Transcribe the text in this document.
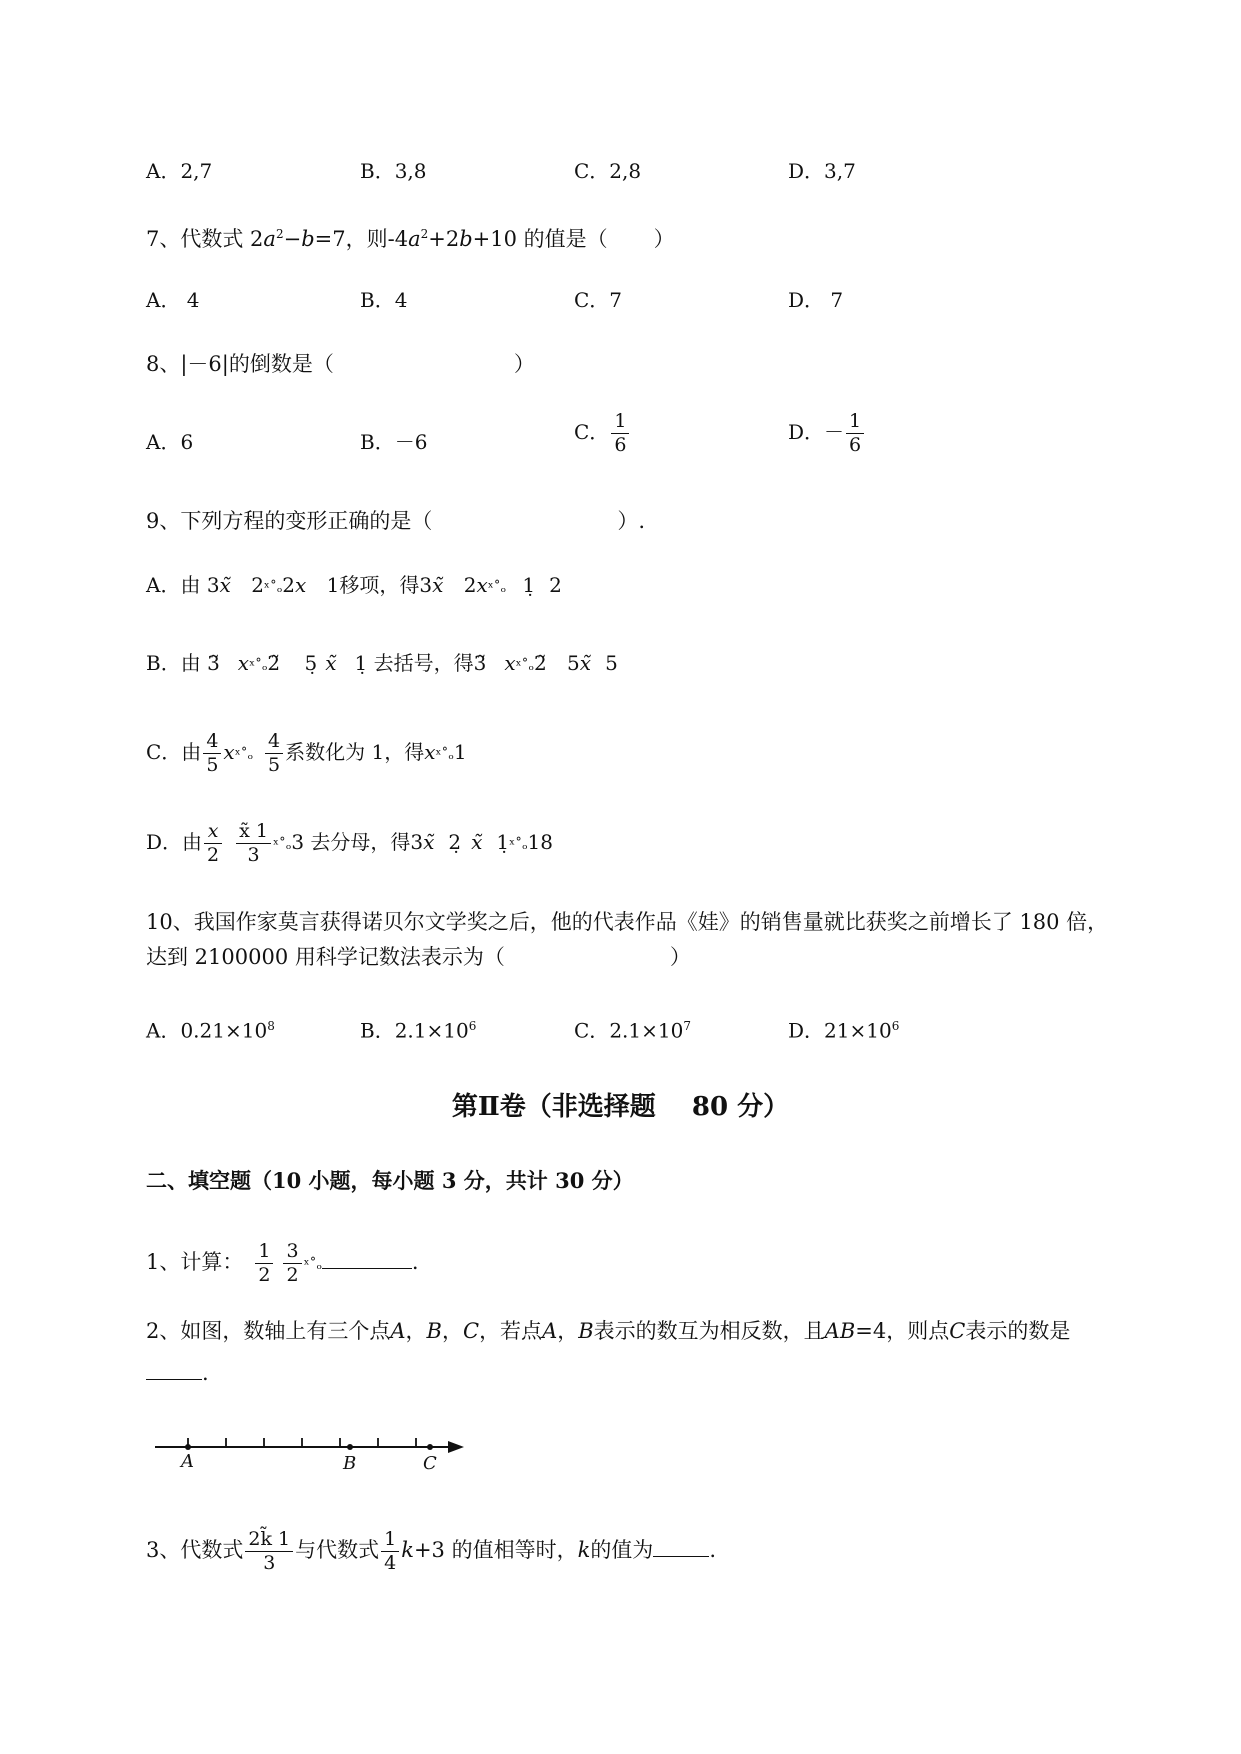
A．2,7	B．3,8	C．2,8	D．3,7
7、代数式 $2a^2-b=7$，则$-4a^2+2b+10$ 的值是（ ）
A． 4	B．4	C．7	D． 7
8、|－6|的倒数是（	）
A．6	B．－6	C． $\frac{1}{6}$	D．－ $\frac{1}{6}$
9、下列方程的变形正确的是（	）.
A．由 3x̃ 2ˣ˚ₒ2x 1移项，得3x̃ 2xˣ˚ₒ 1̣ 2
B．由 3̃ xˣ˚ₒ2̃ 5̣ x̃ 1̣ 去括号，得3̃ xˣ˚ₒ2̃ 5x̃ 5
C．由 $\frac{4}{5}$ xˣ˚ₒ $\frac{4}{5}$ 系数化为 1，得xˣ˚ₒ1
D．由 $\frac{x}{2} \frac{x̃ 1}{3}$ ˣ˚ₒ3 去分母，得3x̃ 2̣ x̃ 1̣ˣ˚ₒ18
10、我国作家莫言获得诺贝尔文学奖之后，他的代表作品《娃》的销售量就比获奖之前增长了 180 倍，
达到 2100000 用科学记数法表示为（	）
A．$0.21\times 10^8$	B．$2.1\times 10^6$	C．$2.1\times 10^7$	D．$21\times 10^6$
第Ⅱ卷（非选择题    80 分）
二、填空题（10 小题，每小题 3 分，共计 30 分）
1、计算： $\frac{1}{2} \frac{3}{2}$ ˣ˚ₒ	.
2、如图，数轴上有三个点A，B，C，若点A，B表示的数互为相反数，且AB=4，则点C表示的数是
.
A	B	C
3、代数式 $\frac{2k̃ 1}{3}$ 与代数式 $\frac{1}{4} k+3$ 的值相等时，k的值为	.
